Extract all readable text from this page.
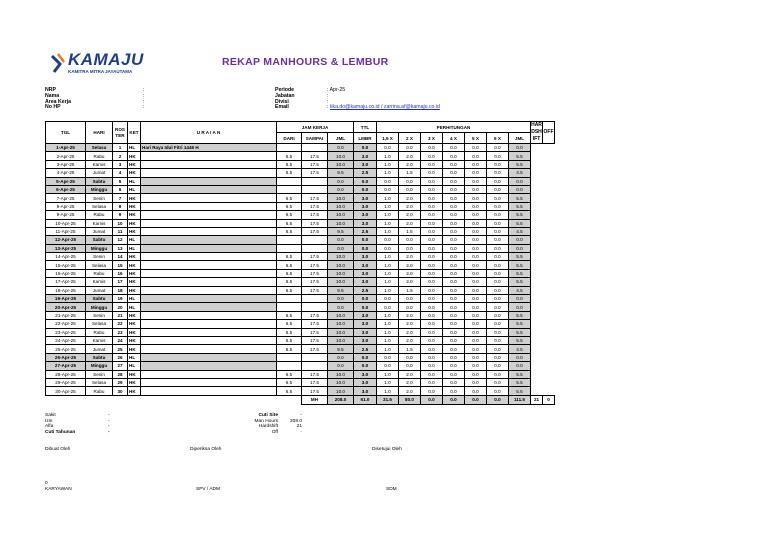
KAMAJU
KAMITRA MITRA JAYAUTAMA
REKAP MANHOURS & LEMBUR
NRP	:
Nama	:
Area Kerja	:
No HP	:
Periode	: Apr-25
Jabatan	:
Divisi	:
Email	: tika.do@kamaju.co.id / zarrina.af@kamaju.co.id
TGL	HARI	ROS TER	KET	U R A I A N	JAM KERJA			TTL	PERHITUNGAN							HARDSHIFT	OFF
					DARI	SAMPAI	JML	LMBR	1,5 X	2 X	3 X	4 X	5 X	6 X	JML		
1-Apr-25	Selasa	1	HL	Hari Raya Idul Fitri 1446 H			0.0	0.0	0.0	0.0	0.0	0.0	0.0	0.0	0.0		
2-Apr-25	Rabu	2	HK		6.5	17.5	10.0	3.0	1.0	2.0	0.0	0.0	0.0	0.0	5.5		
3-Apr-25	Kamis	3	HK		6.5	17.5	10.0	3.0	1.0	2.0	0.0	0.0	0.0	0.0	5.5		
4-Apr-25	Jumat	4	HK		6.5	17.5	9.5	2.5	1.0	1.5	0.0	0.0	0.0	0.0	4.5		
5-Apr-25	Sabtu	5	HL				0.0	0.0	0.0	0.0	0.0	0.0	0.0	0.0	0.0		
6-Apr-25	Minggu	6	HL				0.0	0.0	0.0	0.0	0.0	0.0	0.0	0.0	0.0		
7-Apr-25	Senin	7	HK		6.5	17.5	10.0	3.0	1.0	2.0	0.0	0.0	0.0	0.0	5.5		
8-Apr-25	Selasa	8	HK		6.5	17.5	10.0	3.0	1.0	2.0	0.0	0.0	0.0	0.0	5.5		
9-Apr-25	Rabu	9	HK		6.5	17.5	10.0	3.0	1.0	2.0	0.0	0.0	0.0	0.0	5.5		
10-Apr-25	Kamis	10	HK		6.5	17.5	10.0	3.0	1.0	2.0	0.0	0.0	0.0	0.0	5.5		
11-Apr-25	Jumat	11	HK		6.5	17.5	9.5	2.5	1.0	1.5	0.0	0.0	0.0	0.0	4.5		
12-Apr-25	Sabtu	12	HL				0.0	0.0	0.0	0.0	0.0	0.0	0.0	0.0	0.0		
13-Apr-25	Minggu	13	HL				0.0	0.0	0.0	0.0	0.0	0.0	0.0	0.0	0.0		
14-Apr-25	Senin	14	HK		6.5	17.5	10.0	3.0	1.0	2.0	0.0	0.0	0.0	0.0	5.5		
15-Apr-25	Selasa	15	HK		6.5	17.5	10.0	3.0	1.0	2.0	0.0	0.0	0.0	0.0	5.5		
16-Apr-25	Rabu	16	HK		6.5	17.5	10.0	3.0	1.0	2.0	0.0	0.0	0.0	0.0	5.5		
17-Apr-25	Kamis	17	HK		6.5	17.5	10.0	3.0	1.0	2.0	0.0	0.0	0.0	0.0	5.5		
18-Apr-25	Jumat	18	HK		6.5	17.5	9.5	2.5	1.0	1.5	0.0	0.0	0.0	0.0	4.5		
19-Apr-25	Sabtu	19	HL				0.0	0.0	0.0	0.0	0.0	0.0	0.0	0.0	0.0		
20-Apr-25	Minggu	20	HL				0.0	0.0	0.0	0.0	0.0	0.0	0.0	0.0	0.0		
21-Apr-25	Senin	21	HK		6.5	17.5	10.0	3.0	1.0	2.0	0.0	0.0	0.0	0.0	5.5		
22-Apr-25	Selasa	22	HK		6.5	17.5	10.0	3.0	1.0	2.0	0.0	0.0	0.0	0.0	5.5		
23-Apr-25	Rabu	23	HK		6.5	17.5	10.0	3.0	1.0	2.0	0.0	0.0	0.0	0.0	5.5		
24-Apr-25	Kamis	24	HK		6.5	17.5	10.0	3.0	1.0	2.0	0.0	0.0	0.0	0.0	5.5		
25-Apr-25	Jumat	25	HK		6.5	17.5	9.5	2.5	1.0	1.5	0.0	0.0	0.0	0.0	4.5		
26-Apr-25	Sabtu	26	HL				0.0	0.0	0.0	0.0	0.0	0.0	0.0	0.0	0.0		
27-Apr-25	Minggu	27	HL				0.0	0.0	0.0	0.0	0.0	0.0	0.0	0.0	0.0		
28-Apr-25	Senin	28	HK		6.5	17.5	10.0	3.0	1.0	2.0	0.0	0.0	0.0	0.0	5.5		
29-Apr-25	Selasa	29	HK		6.5	17.5	10.0	3.0	1.0	2.0	0.0	0.0	0.0	0.0	5.5		
30-Apr-25	Rabu	30	HK		6.5	17.5	10.0	3.0	1.0	2.0	0.0	0.0	0.0	0.0	5.5		
						MH	208.0	61.0	31.5	80.0	0.0	0.0	0.0	0.0	111.5	21	0
Sakit	-
Izin	-
Alfa	-
Cuti Tahunan	-
Cuti Site	-
Man Hours 208.0
Hardshift	21
Off	-
Dibuat Oleh	Diperiksa Oleh	Disetujui Oleh
0
KARYAWAN	SPV / ADM	SDM
